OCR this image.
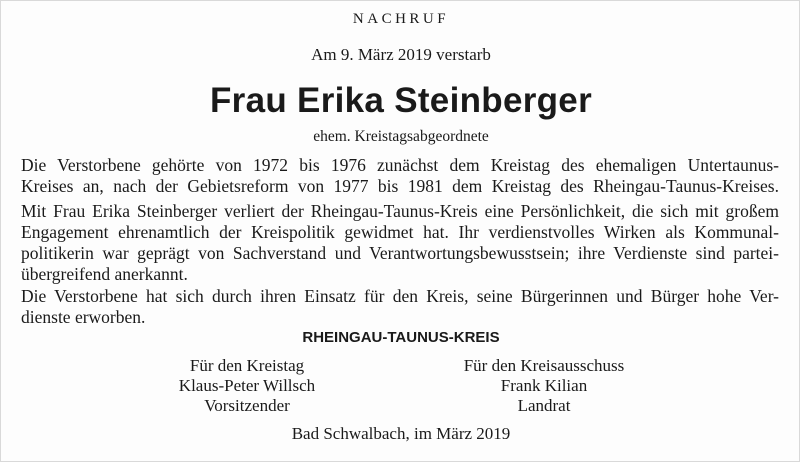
NACHRUF
Am 9. März 2019 verstarb
Frau Erika Steinberger
ehem. Kreistagsabgeordnete
Die Verstorbene gehörte von 1972 bis 1976 zunächst dem Kreistag des ehemaligen Untertaunus-
Kreises an, nach der Gebietsreform von 1977 bis 1981 dem Kreistag des Rheingau-Taunus-Kreises.
Mit Frau Erika Steinberger verliert der Rheingau-Taunus-Kreis eine Persönlichkeit, die sich mit großem
Engagement ehrenamtlich der Kreispolitik gewidmet hat. Ihr verdienstvolles Wirken als Kommunal-
politikerin war geprägt von Sachverstand und Verantwortungsbewusstsein; ihre Verdienste sind partei-
übergreifend anerkannt.
Die Verstorbene hat sich durch ihren Einsatz für den Kreis, seine Bürgerinnen und Bürger hohe Ver-
dienste erworben.
RHEINGAU-TAUNUS-KREIS
Für den Kreistag
Klaus-Peter Willsch
Vorsitzender
Für den Kreisausschuss
Frank Kilian
Landrat
Bad Schwalbach, im März 2019
